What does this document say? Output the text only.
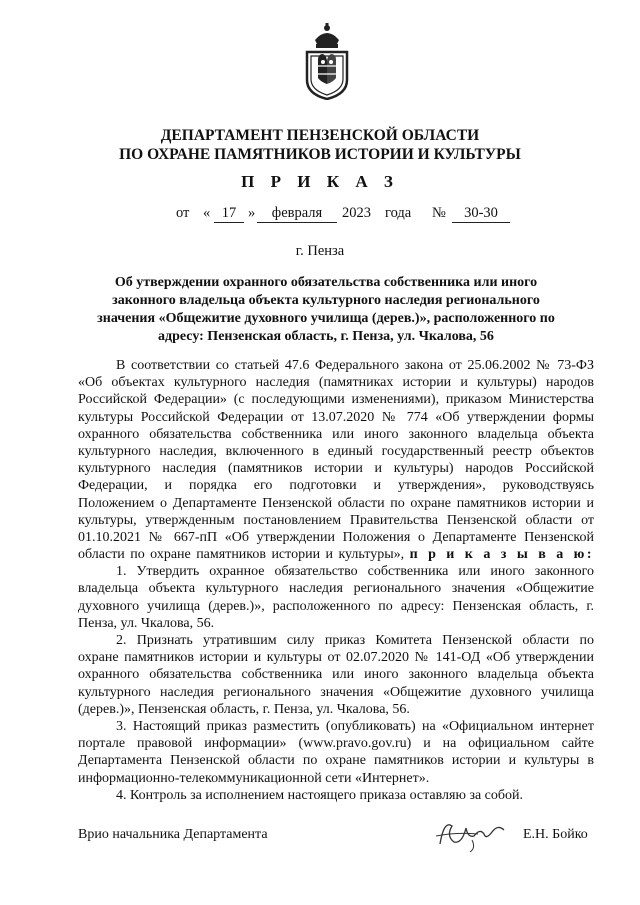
ДЕПАРТАМЕНТ ПЕНЗЕНСКОЙ ОБЛАСТИ
ПО ОХРАНЕ ПАМЯТНИКОВ ИСТОРИИ И КУЛЬТУРЫ
П Р И К А З
от « 17 »	февраля	2023 года №	30-30
г. Пенза
Об утверждении охранного обязательства собственника или иного
законного владельца объекта культурного наследия регионального
значения «Общежитие духовного училища (дерев.)», расположенного по
адресу: Пензенская область, г. Пенза, ул. Чкалова, 56
В соответствии со статьей 47.6 Федерального закона от 25.06.2002 № 73-ФЗ
«Об объектах культурного наследия (памятниках истории и культуры) народов
Российской Федерации» (с последующими изменениями), приказом Министерства
культуры Российской Федерации от 13.07.2020 № 774 «Об утверждении формы
охранного обязательства собственника или иного законного владельца объекта
культурного наследия, включенного в единый государственный реестр объектов
культурного наследия (памятников истории и культуры) народов Российской
Федерации, и порядка его подготовки и утверждения», руководствуясь
Положением о Департаменте Пензенской области по охране памятников истории и
культуры, утвержденным постановлением Правительства Пензенской области от
01.10.2021 № 667-пП «Об утверждении Положения о Департаменте Пензенской
области по охране памятников истории и культуры», п р и к а з ы в а ю:
1. Утвердить охранное обязательство собственника или иного законного
владельца объекта культурного наследия регионального значения «Общежитие
духовного училища (дерев.)», расположенного по адресу: Пензенская область, г.
Пенза, ул. Чкалова, 56.
2. Признать утратившим силу приказ Комитета Пензенской области по
охране памятников истории и культуры от 02.07.2020 № 141-ОД «Об утверждении
охранного обязательства собственника или иного законного владельца объекта
культурного наследия регионального значения «Общежитие духовного училища
(дерев.)», Пензенская область, г. Пенза, ул. Чкалова, 56.
3. Настоящий приказ разместить (опубликовать) на «Официальном интернет
портале правовой информации» (www.pravo.gov.ru) и на официальном сайте
Департамента Пензенской области по охране памятников истории и культуры в
информационно-телекоммуникационной сети «Интернет».
4. Контроль за исполнением настоящего приказа оставляю за собой.
Врио начальника Департамента	Е.Н. Бойко
